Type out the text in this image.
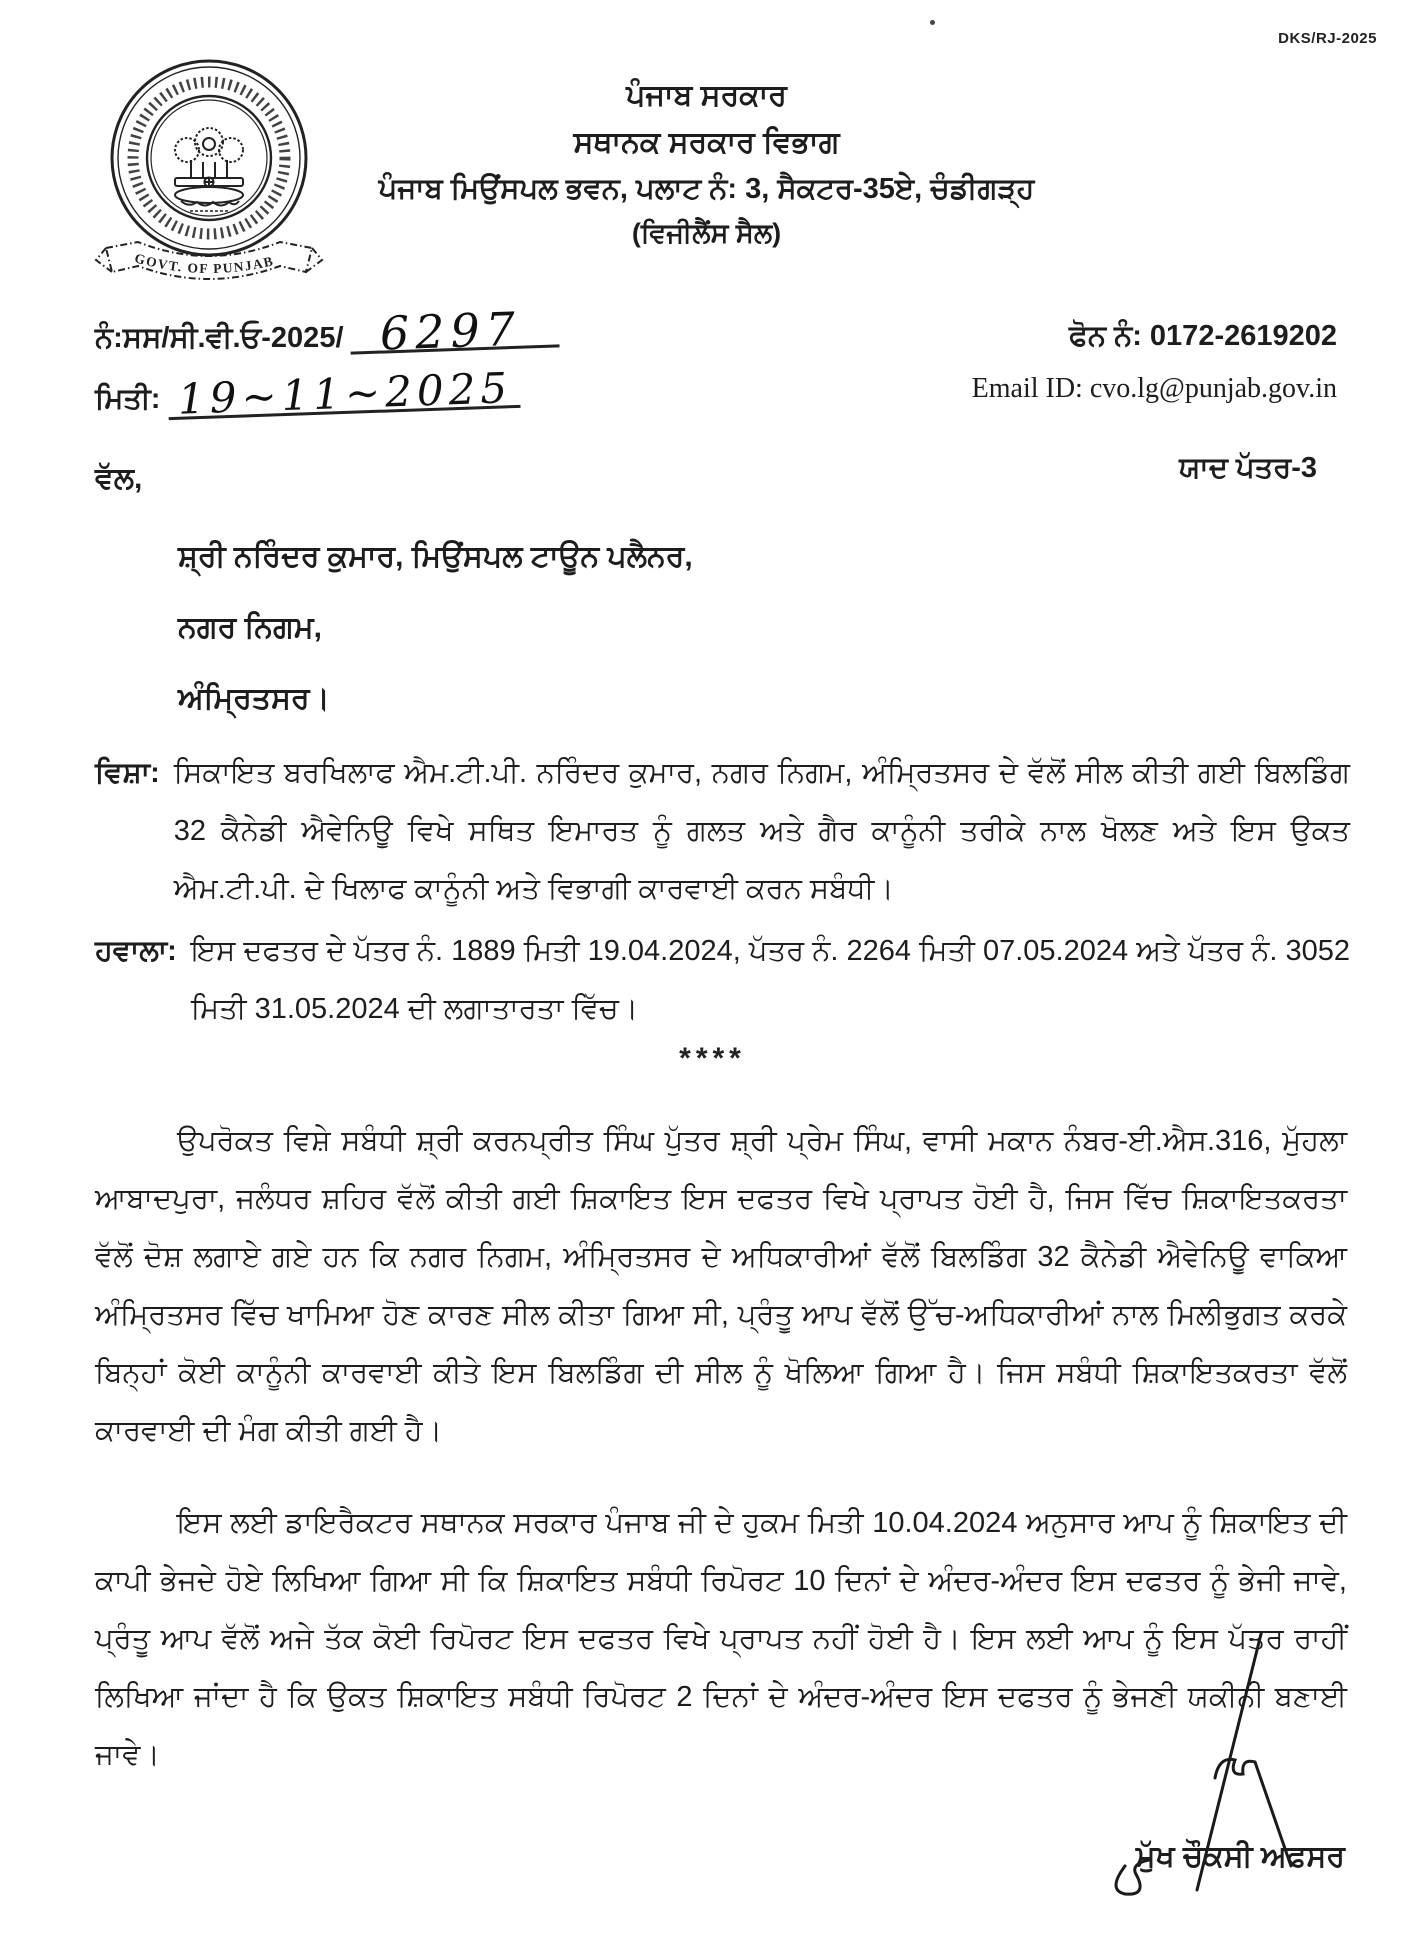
DKS/RJ-2025
GOVT. OF PUNJAB
ਪੰਜਾਬ ਸਰਕਾਰ
ਸਥਾਨਕ ਸਰਕਾਰ ਵਿਭਾਗ
ਪੰਜਾਬ ਮਿਉਂਸਪਲ ਭਵਨ, ਪਲਾਟ ਨੰ: 3, ਸੈਕਟਰ-35ਏ, ਚੰਡੀਗੜ੍ਹ
(ਵਿਜੀਲੈਂਸ ਸੈਲ)
ਨੰ:ਸਸ/ਸੀ.ਵੀ.ਓ-2025/ 6297
ਮਿਤੀ: 19~11~2025
ਫੋਨ ਨੰ: 0172-2619202
Email ID: cvo.lg@punjab.gov.in
ਯਾਦ ਪੱਤਰ-3
ਵੱਲ,
ਸ਼੍ਰੀ ਨਰਿੰਦਰ ਕੁਮਾਰ, ਮਿਉਂਸਪਲ ਟਾਊਨ ਪਲੈਨਰ,
ਨਗਰ ਨਿਗਮ,
ਅੰਮ੍ਰਿਤਸਰ।
ਵਿਸ਼ਾ: ਸਿਕਾਇਤ ਬਰਖਿਲਾਫ ਐਮ.ਟੀ.ਪੀ. ਨਰਿੰਦਰ ਕੁਮਾਰ, ਨਗਰ ਨਿਗਮ, ਅੰਮ੍ਰਿਤਸਰ ਦੇ ਵੱਲੋਂ ਸੀਲ ਕੀਤੀ ਗਈ ਬਿਲਡਿੰਗ 32 ਕੈਨੇਡੀ ਐਵੇਨਿਊ ਵਿਖੇ ਸਥਿਤ ਇਮਾਰਤ ਨੂੰ ਗਲਤ ਅਤੇ ਗੈਰ ਕਾਨੂੰਨੀ ਤਰੀਕੇ ਨਾਲ ਖੋਲਣ ਅਤੇ ਇਸ ਉਕਤ ਐਮ.ਟੀ.ਪੀ. ਦੇ ਖਿਲਾਫ ਕਾਨੂੰਨੀ ਅਤੇ ਵਿਭਾਗੀ ਕਾਰਵਾਈ ਕਰਨ ਸਬੰਧੀ।
ਹਵਾਲਾ: ਇਸ ਦਫਤਰ ਦੇ ਪੱਤਰ ਨੰ. 1889 ਮਿਤੀ 19.04.2024, ਪੱਤਰ ਨੰ. 2264 ਮਿਤੀ 07.05.2024 ਅਤੇ ਪੱਤਰ ਨੰ. 3052 ਮਿਤੀ 31.05.2024 ਦੀ ਲਗਾਤਾਰਤਾ ਵਿੱਚ।
****
ਉਪਰੋਕਤ ਵਿਸ਼ੇ ਸਬੰਧੀ ਸ਼੍ਰੀ ਕਰਨਪ੍ਰੀਤ ਸਿੰਘ ਪੁੱਤਰ ਸ਼੍ਰੀ ਪ੍ਰੇਮ ਸਿੰਘ, ਵਾਸੀ ਮਕਾਨ ਨੰਬਰ-ਈ.ਐਸ.316, ਮੁੱਹਲਾ ਆਬਾਦਪੁਰਾ, ਜਲੰਧਰ ਸ਼ਹਿਰ ਵੱਲੋਂ ਕੀਤੀ ਗਈ ਸ਼ਿਕਾਇਤ ਇਸ ਦਫਤਰ ਵਿਖੇ ਪ੍ਰਾਪਤ ਹੋਈ ਹੈ, ਜਿਸ ਵਿੱਚ ਸ਼ਿਕਾਇਤਕਰਤਾ ਵੱਲੋਂ ਦੋਸ਼ ਲਗਾਏ ਗਏ ਹਨ ਕਿ ਨਗਰ ਨਿਗਮ, ਅੰਮ੍ਰਿਤਸਰ ਦੇ ਅਧਿਕਾਰੀਆਂ ਵੱਲੋਂ ਬਿਲਡਿੰਗ 32 ਕੈਨੇਡੀ ਐਵੇਨਿਊ ਵਾਕਿਆ ਅੰਮ੍ਰਿਤਸਰ ਵਿੱਚ ਖਾਮਿਆ ਹੋਣ ਕਾਰਣ ਸੀਲ ਕੀਤਾ ਗਿਆ ਸੀ, ਪ੍ਰੰਤੂ ਆਪ ਵੱਲੋਂ ਉੱਚ-ਅਧਿਕਾਰੀਆਂ ਨਾਲ ਮਿਲੀਭੁਗਤ ਕਰਕੇ ਬਿਨ੍ਹਾਂ ਕੋਈ ਕਾਨੂੰਨੀ ਕਾਰਵਾਈ ਕੀਤੇ ਇਸ ਬਿਲਡਿੰਗ ਦੀ ਸੀਲ ਨੂੰ ਖੋਲਿਆ ਗਿਆ ਹੈ। ਜਿਸ ਸਬੰਧੀ ਸ਼ਿਕਾਇਤਕਰਤਾ ਵੱਲੋਂ ਕਾਰਵਾਈ ਦੀ ਮੰਗ ਕੀਤੀ ਗਈ ਹੈ।
ਇਸ ਲਈ ਡਾਇਰੈਕਟਰ ਸਥਾਨਕ ਸਰਕਾਰ ਪੰਜਾਬ ਜੀ ਦੇ ਹੁਕਮ ਮਿਤੀ 10.04.2024 ਅਨੁਸਾਰ ਆਪ ਨੂੰ ਸ਼ਿਕਾਇਤ ਦੀ ਕਾਪੀ ਭੇਜਦੇ ਹੋਏ ਲਿਖਿਆ ਗਿਆ ਸੀ ਕਿ ਸ਼ਿਕਾਇਤ ਸਬੰਧੀ ਰਿਪੋਰਟ 10 ਦਿਨਾਂ ਦੇ ਅੰਦਰ-ਅੰਦਰ ਇਸ ਦਫਤਰ ਨੂੰ ਭੇਜੀ ਜਾਵੇ, ਪ੍ਰੰਤੂ ਆਪ ਵੱਲੋਂ ਅਜੇ ਤੱਕ ਕੋਈ ਰਿਪੋਰਟ ਇਸ ਦਫਤਰ ਵਿਖੇ ਪ੍ਰਾਪਤ ਨਹੀਂ ਹੋਈ ਹੈ। ਇਸ ਲਈ ਆਪ ਨੂੰ ਇਸ ਪੱਤਰ ਰਾਹੀਂ ਲਿਖਿਆ ਜਾਂਦਾ ਹੈ ਕਿ ਉਕਤ ਸ਼ਿਕਾਇਤ ਸਬੰਧੀ ਰਿਪੋਰਟ 2 ਦਿਨਾਂ ਦੇ ਅੰਦਰ-ਅੰਦਰ ਇਸ ਦਫਤਰ ਨੂੰ ਭੇਜਣੀ ਯਕੀਨੀ ਬਣਾਈ ਜਾਵੇ।
ਮੁੱਖ ਚੌਕਸੀ ਅਫਸਰ
